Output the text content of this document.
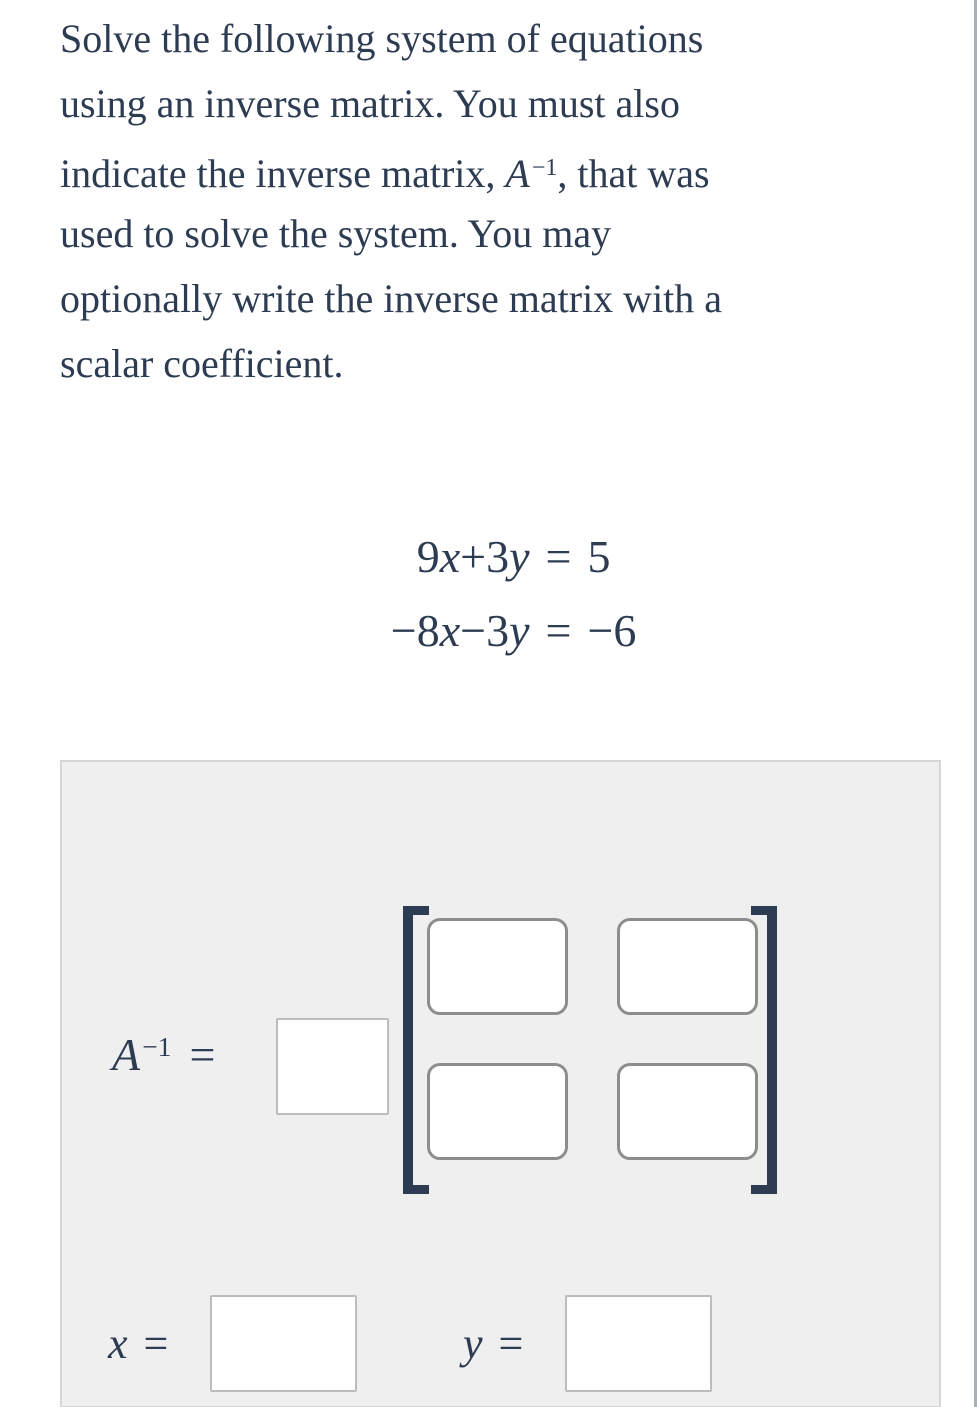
Solve the following system of equations
using an inverse matrix. You must also
indicate the inverse matrix, $A^{-1}$, that was
used to solve the system. You may
optionally write the inverse matrix with a
scalar coefficient.
9x+3y = 5
−8x−3y = −6
$A^{-1}$ =
x =	y =
